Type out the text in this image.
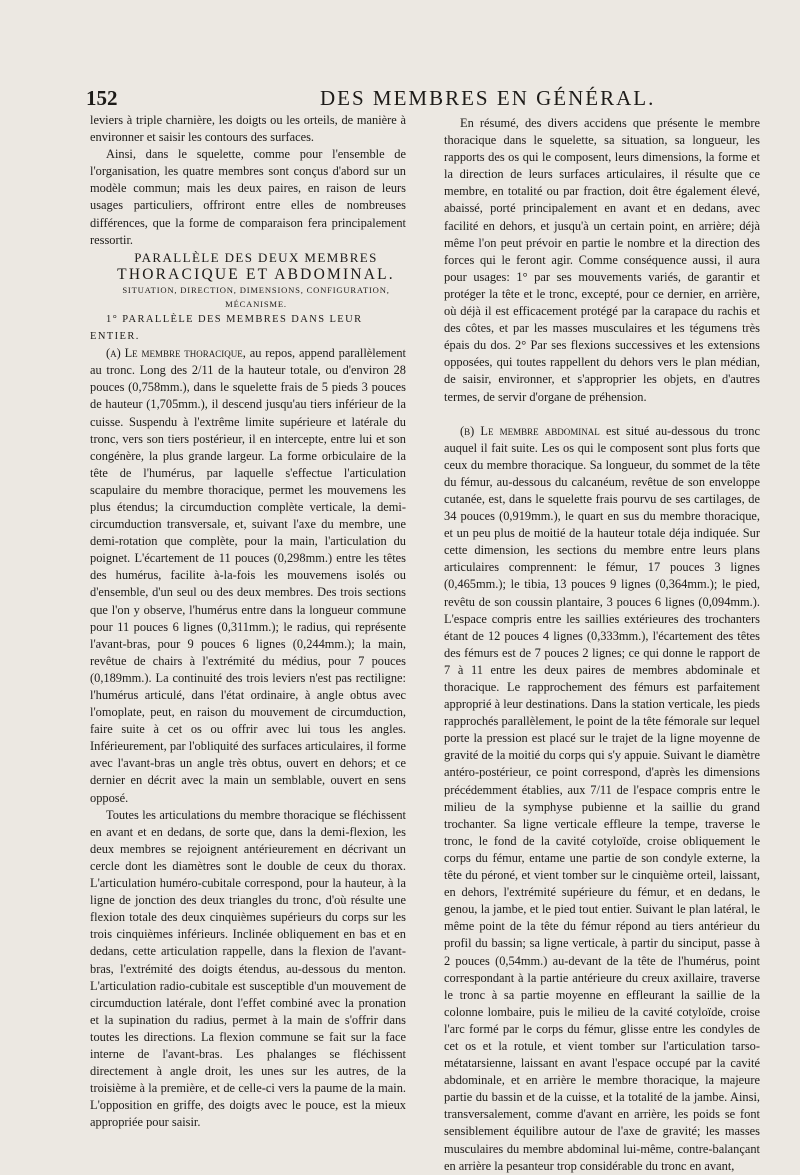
152	DES MEMBRES EN GÉNÉRAL.

leviers à triple charnière, les doigts ou les orteils, de manière à environner et saisir les contours des surfaces.

Ainsi, dans le squelette, comme pour l'ensemble de l'organisation, les quatre membres sont conçus d'abord sur un modèle commun; mais les deux paires, en raison de leurs usages particuliers, offriront entre elles de nombreuses différences, que la forme de comparaison fera principalement ressortir.

PARALLÈLE DES DEUX MEMBRES

THORACIQUE ET ABDOMINAL.

SITUATION, DIRECTION, DIMENSIONS, CONFIGURATION,

MÉCANISME.

1° PARALLÈLE DES MEMBRES DANS LEUR ENTIER.

(a) Le membre thoracique, au repos, append parallèlement au tronc. Long des 2/11 de la hauteur totale, ou d'environ 28 pouces (0,758mm.), dans le squelette frais de 5 pieds 3 pouces de hauteur (1,705mm.), il descend jusqu'au tiers inférieur de la cuisse. Suspendu à l'extrême limite supérieure et latérale du tronc, vers son tiers postérieur, il en intercepte, entre lui et son congénère, la plus grande largeur. La forme orbiculaire de la tête de l'humérus, par laquelle s'effectue l'articulation scapulaire du membre thoracique, permet les mouvemens les plus étendus; la circumduction complète verticale, la demi-circumduction transversale, et, suivant l'axe du membre, une demi-rotation que complète, pour la main, l'articulation du poignet. L'écartement de 11 pouces (0,298mm.) entre les têtes des humérus, facilite à-la-fois les mouvemens isolés ou d'ensemble, d'un seul ou des deux membres. Des trois sections que l'on y observe, l'humérus entre dans la longueur commune pour 11 pouces 6 lignes (0,311mm.); le radius, qui représente l'avant-bras, pour 9 pouces 6 lignes (0,244mm.); la main, revêtue de chairs à l'extrémité du médius, pour 7 pouces (0,189mm.). La continuité des trois leviers n'est pas rectiligne: l'humérus articulé, dans l'état ordinaire, à angle obtus avec l'omoplate, peut, en raison du mouvement de circumduction, faire suite à cet os ou offrir avec lui tous les angles. Inférieurement, par l'obliquité des surfaces articulaires, il forme avec l'avant-bras un angle très obtus, ouvert en dehors; et ce dernier en décrit avec la main un semblable, ouvert en sens opposé.

Toutes les articulations du membre thoracique se fléchissent en avant et en dedans, de sorte que, dans la demi-flexion, les deux membres se rejoignent antérieurement en décrivant un cercle dont les diamètres sont le double de ceux du thorax. L'articulation huméro-cubitale correspond, pour la hauteur, à la ligne de jonction des deux triangles du tronc, d'où résulte une flexion totale des deux cinquièmes supérieurs du corps sur les trois cinquièmes inférieurs. Inclinée obliquement en bas et en dedans, cette articulation rappelle, dans la flexion de l'avant-bras, l'extrémité des doigts étendus, au-dessous du menton. L'articulation radio-cubitale est susceptible d'un mouvement de circumduction latérale, dont l'effet combiné avec la pronation et la supination du radius, permet à la main de s'offrir dans toutes les directions. La flexion commune se fait sur la face interne de l'avant-bras. Les phalanges se fléchissent directement à angle droit, les unes sur les autres, de la troisième à la première, et de celle-ci vers la paume de la main. L'opposition en griffe, des doigts avec le pouce, est la mieux appropriée pour saisir.

En résumé, des divers accidens que présente le membre thoracique dans le squelette, sa situation, sa longueur, les rapports des os qui le composent, leurs dimensions, la forme et la direction de leurs surfaces articulaires, il résulte que ce membre, en totalité ou par fraction, doit être également élevé, abaissé, porté principalement en avant et en dedans, avec facilité en dehors, et jusqu'à un certain point, en arrière; déjà même l'on peut prévoir en partie le nombre et la direction des forces qui le feront agir. Comme conséquence aussi, il aura pour usages: 1° par ses mouvements variés, de garantir et protéger la tête et le tronc, excepté, pour ce dernier, en arrière, où déjà il est efficacement protégé par la carapace du rachis et des côtes, et par les masses musculaires et les tégumens très épais du dos. 2° Par ses flexions successives et les extensions opposées, qui toutes rappellent du dehors vers le plan médian, de saisir, environner, et s'approprier les objets, en d'autres termes, de servir d'organe de préhension.

(b) Le membre abdominal est situé au-dessous du tronc auquel il fait suite. Les os qui le composent sont plus forts que ceux du membre thoracique. Sa longueur, du sommet de la tête du fémur, au-dessous du calcanéum, revêtue de son enveloppe cutanée, est, dans le squelette frais pourvu de ses cartilages, de 34 pouces (0,919mm.), le quart en sus du membre thoracique, et un peu plus de moitié de la hauteur totale déja indiquée. Sur cette dimension, les sections du membre entre leurs plans articulaires comprennent: le fémur, 17 pouces 3 lignes (0,465mm.); le tibia, 13 pouces 9 lignes (0,364mm.); le pied, revêtu de son coussin plantaire, 3 pouces 6 lignes (0,094mm.). L'espace compris entre les saillies extérieures des trochanters étant de 12 pouces 4 lignes (0,333mm.), l'écartement des têtes des fémurs est de 7 pouces 2 lignes; ce qui donne le rapport de 7 à 11 entre les deux paires de membres abdominale et thoracique. Le rapprochement des fémurs est parfaitement approprié à leur destinations. Dans la station verticale, les pieds rapprochés parallèlement, le point de la tête fémorale sur lequel porte la pression est placé sur le trajet de la ligne moyenne de gravité de la moitié du corps qui s'y appuie. Suivant le diamètre antéro-postérieur, ce point correspond, d'après les dimensions précédemment établies, aux 7/11 de l'espace compris entre le milieu de la symphyse pubienne et la saillie du grand trochanter. Sa ligne verticale effleure la tempe, traverse le tronc, le fond de la cavité cotyloïde, croise obliquement le corps du fémur, entame une partie de son condyle externe, la tête du péroné, et vient tomber sur le cinquième orteil, laissant, en dehors, l'extrémité supérieure du fémur, et en dedans, le genou, la jambe, et le pied tout entier. Suivant le plan latéral, le même point de la tête du fémur répond au tiers antérieur du profil du bassin; sa ligne verticale, à partir du sinciput, passe à 2 pouces (0,54mm.) au-devant de la tête de l'humérus, point correspondant à la partie antérieure du creux axillaire, traverse le tronc à sa partie moyenne en effleurant la saillie de la colonne lombaire, puis le milieu de la cavité cotyloïde, croise l'arc formé par le corps du fémur, glisse entre les condyles de cet os et la rotule, et vient tomber sur l'articulation tarso-métatarsienne, laissant en avant l'espace occupé par la cavité abdominale, et en arrière le membre thoracique, la majeure partie du bassin et de la cuisse, et la totalité de la jambe. Ainsi, transversalement, comme d'avant en arrière, les poids se font sensiblement équilibre autour de l'axe de gravité; les masses musculaires du membre abdominal lui-même, contre-balançant en arrière la pesanteur trop considérable du tronc en avant,
